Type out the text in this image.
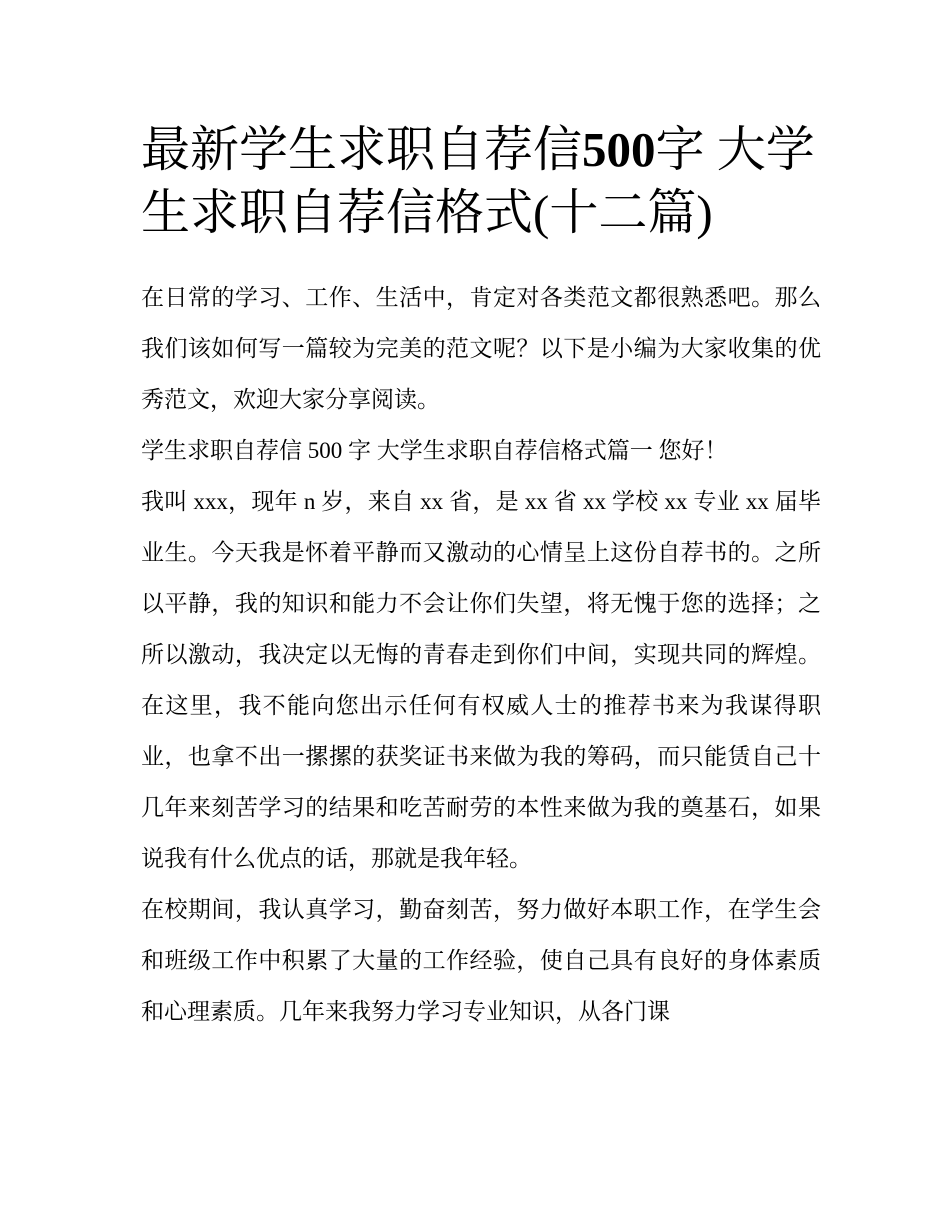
最新学生求职自荐信500字 大学生求职自荐信格式(十二篇)

在日常的学习、工作、生活中，肯定对各类范文都很熟悉吧。那么我们该如何写一篇较为完美的范文呢？以下是小编为大家收集的优秀范文，欢迎大家分享阅读。

学生求职自荐信 500 字 大学生求职自荐信格式篇一 您好！

我叫 xxx，现年 n 岁，来自 xx 省，是 xx 省 xx 学校 xx 专业 xx 届毕业生。今天我是怀着平静而又激动的心情呈上这份自荐书的。之所以平静，我的知识和能力不会让你们失望，将无愧于您的选择；之所以激动，我决定以无悔的青春走到你们中间，实现共同的辉煌。在这里，我不能向您出示任何有权威人士的推荐书来为我谋得职业，也拿不出一摞摞的获奖证书来做为我的筹码，而只能赁自己十几年来刻苦学习的结果和吃苦耐劳的本性来做为我的奠基石，如果说我有什么优点的话，那就是我年轻。

在校期间，我认真学习，勤奋刻苦，努力做好本职工作，在学生会和班级工作中积累了大量的工作经验，使自己具有良好的身体素质和心理素质。几年来我努力学习专业知识，从各门课
